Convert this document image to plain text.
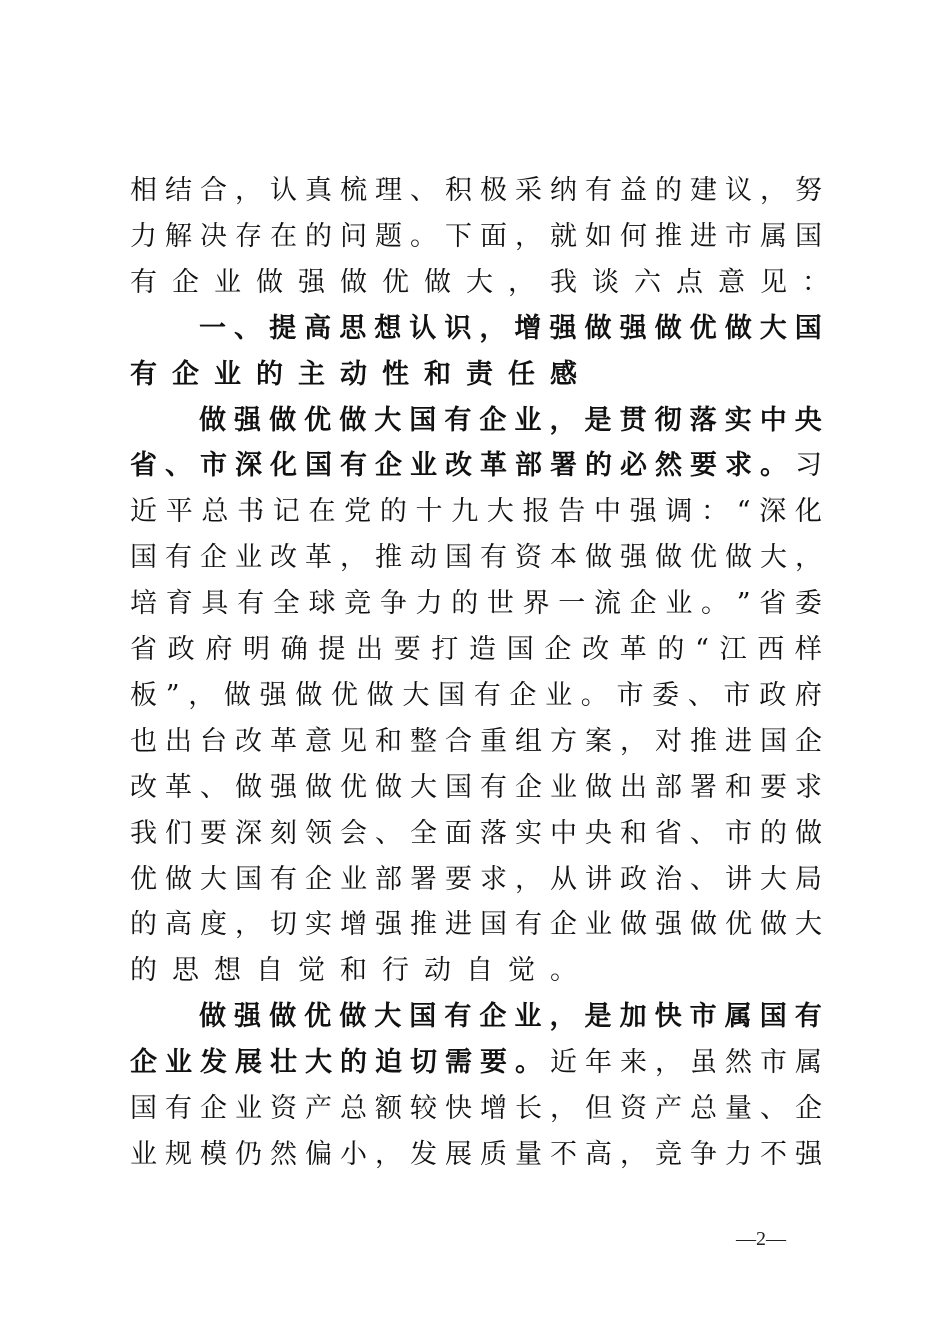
相 结 合 ， 认 真 梳 理 、 积 极 采 纳 有 益 的 建 议 ， 努
力 解 决 存 在 的 问 题 。 下 面 ， 就 如 何 推 进 市 属 国
有 企 业 做 强 做 优 做 大 ， 我 谈 六 点 意 见 ：
一 、 提 高 思 想 认 识 ， 增 强 做 强 做 优 做 大 国
有 企 业 的 主 动 性 和 责 任 感
做 强 做 优 做 大 国 有 企 业 ， 是 贯 彻 落 实 中 央
省 、 市 深 化 国 有 企 业 改 革 部 署 的 必 然 要 求 。 习
近 平 总 书 记 在 党 的 十 九 大 报 告 中 强 调 ： “ 深 化
国 有 企 业 改 革 ， 推 动 国 有 资 本 做 强 做 优 做 大 ，
培 育 具 有 全 球 竞 争 力 的 世 界 一 流 企 业 。 ” 省 委
省 政 府 明 确 提 出 要 打 造 国 企 改 革 的 “ 江 西 样
板 ” ， 做 强 做 优 做 大 国 有 企 业 。 市 委 、 市 政 府
也 出 台 改 革 意 见 和 整 合 重 组 方 案 ， 对 推 进 国 企
改 革 、 做 强 做 优 做 大 国 有 企 业 做 出 部 署 和 要 求
我 们 要 深 刻 领 会 、 全 面 落 实 中 央 和 省 、 市 的 做
优 做 大 国 有 企 业 部 署 要 求 ， 从 讲 政 治 、 讲 大 局
的 高 度 ， 切 实 增 强 推 进 国 有 企 业 做 强 做 优 做 大
的 思 想 自 觉 和 行 动 自 觉 。
做 强 做 优 做 大 国 有 企 业 ， 是 加 快 市 属 国 有
企 业 发 展 壮 大 的 迫 切 需 要 。 近 年 来 ， 虽 然 市 属
国 有 企 业 资 产 总 额 较 快 增 长 ， 但 资 产 总 量 、 企
业 规 模 仍 然 偏 小 ， 发 展 质 量 不 高 ， 竞 争 力 不 强
—2—
